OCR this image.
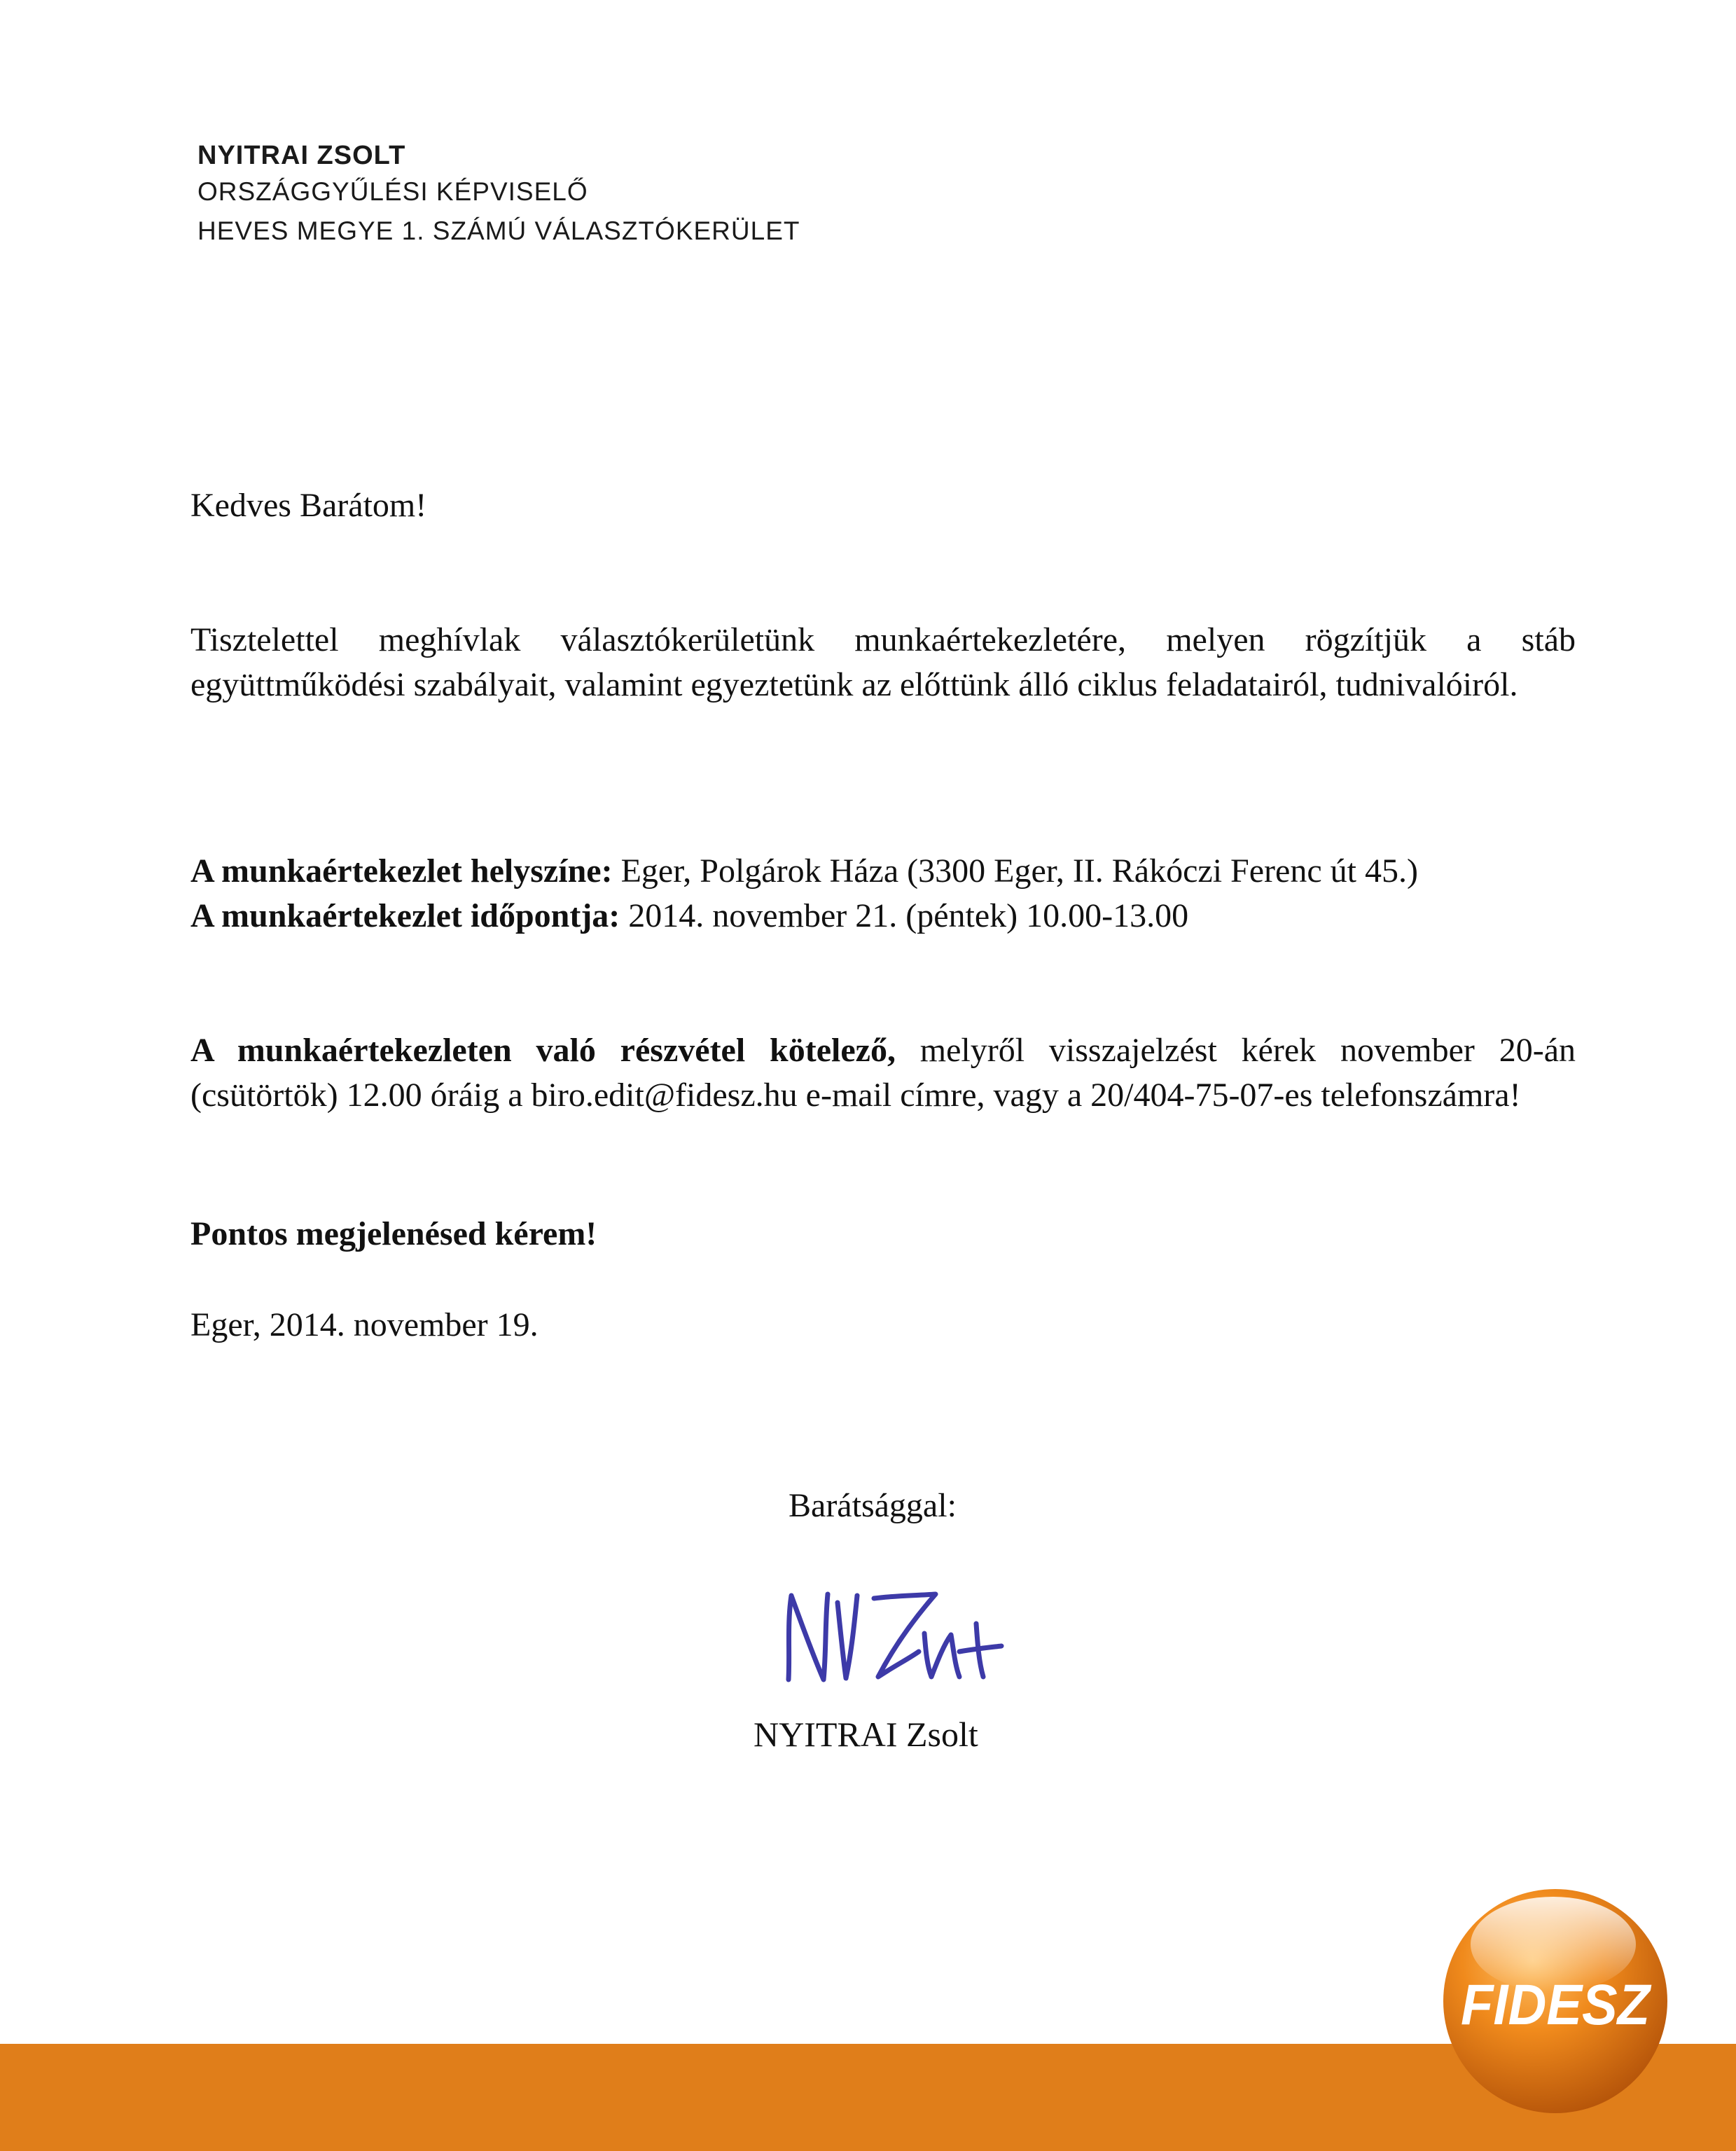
NYITRAI ZSOLT
ORSZÁGGYŰLÉSI KÉPVISELŐ
HEVES MEGYE 1. SZÁMÚ VÁLASZTÓKERÜLET
Kedves Barátom!
Tisztelettel meghívlak választókerületünk munkaértekezletére, melyen rögzítjük a stáb együttműködési szabályait, valamint egyeztetünk az előttünk álló ciklus feladatairól, tudnivalóiról.
A munkaértekezlet helyszíne: Eger, Polgárok Háza (3300 Eger, II. Rákóczi Ferenc út 45.)
A munkaértekezlet időpontja: 2014. november 21. (péntek) 10.00-13.00
A munkaértekezleten való részvétel kötelező, melyről visszajelzést kérek november 20-án (csütörtök) 12.00 óráig a biro.edit@fidesz.hu e-mail címre, vagy a 20/404-75-07-es telefonszámra!
Pontos megjelenésed kérem!
Eger, 2014. november 19.
Barátsággal:
NYITRAI Zsolt
FIDESZ
